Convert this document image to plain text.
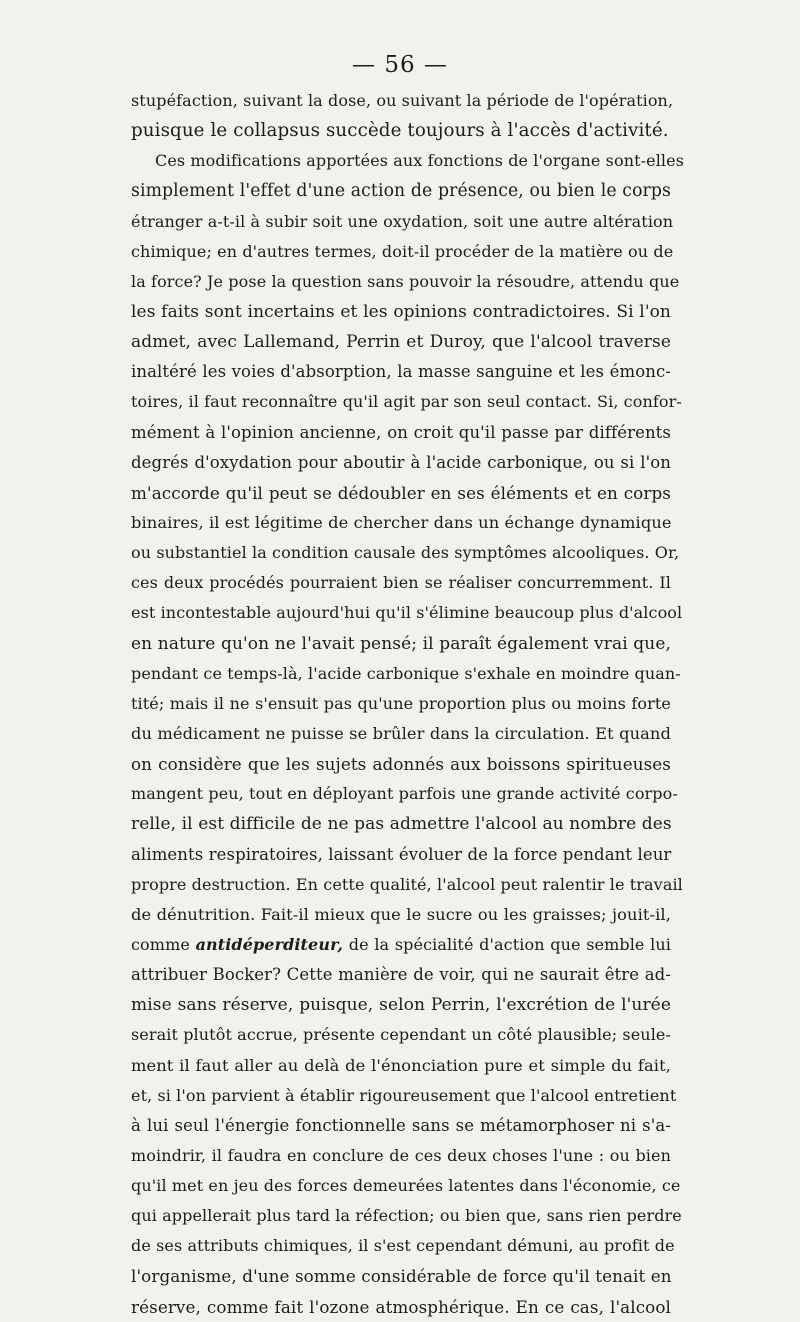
— 56 —
stupéfaction, suivant la dose, ou suivant la période de l'opération,
puisque le collapsus succède toujours à l'accès d'activité.
Ces modifications apportées aux fonctions de l'organe sont-elles
simplement l'effet d'une action de présence, ou bien le corps
étranger a-t-il à subir soit une oxydation, soit une autre altération
chimique; en d'autres termes, doit-il procéder de la matière ou de
la force? Je pose la question sans pouvoir la résoudre, attendu que
les faits sont incertains et les opinions contradictoires. Si l'on
admet, avec Lallemand, Perrin et Duroy, que l'alcool traverse
inaltéré les voies d'absorption, la masse sanguine et les émonc-
toires, il faut reconnaître qu'il agit par son seul contact. Si, confor-
mément à l'opinion ancienne, on croit qu'il passe par différents
degrés d'oxydation pour aboutir à l'acide carbonique, ou si l'on
m'accorde qu'il peut se dédoubler en ses éléments et en corps
binaires, il est légitime de chercher dans un échange dynamique
ou substantiel la condition causale des symptômes alcooliques. Or,
ces deux procédés pourraient bien se réaliser concurremment. Il
est incontestable aujourd'hui qu'il s'élimine beaucoup plus d'alcool
en nature qu'on ne l'avait pensé; il paraît également vrai que,
pendant ce temps-là, l'acide carbonique s'exhale en moindre quan-
tité; mais il ne s'ensuit pas qu'une proportion plus ou moins forte
du médicament ne puisse se brûler dans la circulation. Et quand
on considère que les sujets adonnés aux boissons spiritueuses
mangent peu, tout en déployant parfois une grande activité corpo-
relle, il est difficile de ne pas admettre l'alcool au nombre des
aliments respiratoires, laissant évoluer de la force pendant leur
propre destruction. En cette qualité, l'alcool peut ralentir le travail
de dénutrition. Fait-il mieux que le sucre ou les graisses; jouit-il,
comme antidéperditeur, de la spécialité d'action que semble lui
attribuer Bocker? Cette manière de voir, qui ne saurait être ad-
mise sans réserve, puisque, selon Perrin, l'excrétion de l'urée
serait plutôt accrue, présente cependant un côté plausible; seule-
ment il faut aller au delà de l'énonciation pure et simple du fait,
et, si l'on parvient à établir rigoureusement que l'alcool entretient
à lui seul l'énergie fonctionnelle sans se métamorphoser ni s'a-
moindrir, il faudra en conclure de ces deux choses l'une : ou bien
qu'il met en jeu des forces demeurées latentes dans l'économie, ce
qui appellerait plus tard la réfection; ou bien que, sans rien perdre
de ses attributs chimiques, il s'est cependant démuni, au profit de
l'organisme, d'une somme considérable de force qu'il tenait en
réserve, comme fait l'ozone atmosphérique. En ce cas, l'alcool
